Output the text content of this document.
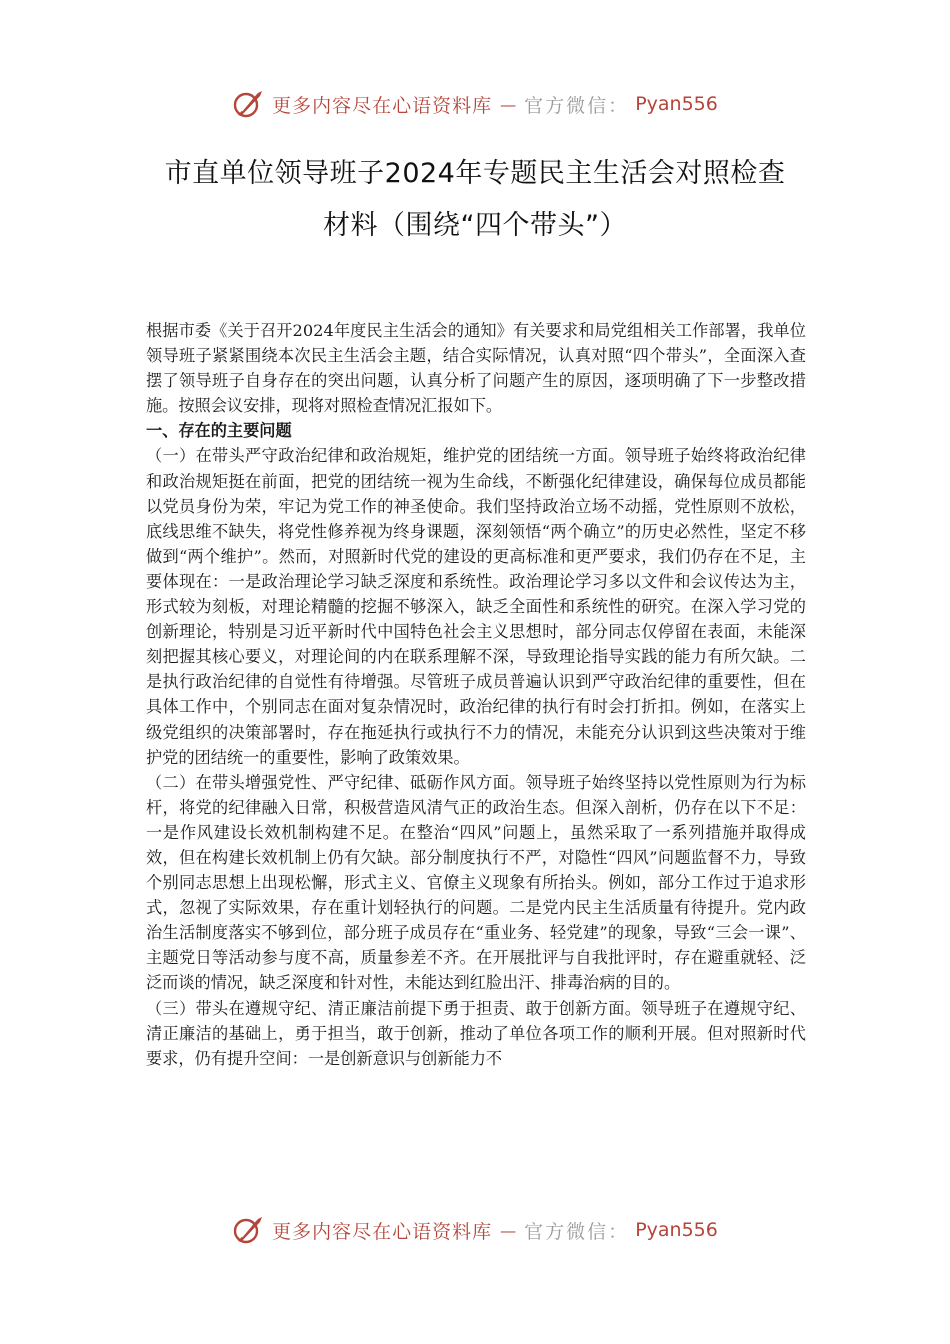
更多内容尽在心语资料库 — 官方微信： Pyan556
市直单位领导班子2024年专题民主生活会对照检查
材料（围绕“四个带头”）

根据市委《关于召开2024年度民主生活会的通知》有关要求和局党组相关工作部署，我单位领导班子紧紧围绕本次民主生活会主题，结合实际情况，认真对照“四个带头”，全面深入查摆了领导班子自身存在的突出问题，认真分析了问题产生的原因，逐项明确了下一步整改措施。按照会议安排，现将对照检查情况汇报如下。

一、存在的主要问题

（一）在带头严守政治纪律和政治规矩，维护党的团结统一方面。领导班子始终将政治纪律和政治规矩挺在前面，把党的团结统一视为生命线，不断强化纪律建设，确保每位成员都能以党员身份为荣，牢记为党工作的神圣使命。我们坚持政治立场不动摇，党性原则不放松，底线思维不缺失，将党性修养视为终身课题，深刻领悟“两个确立”的历史必然性，坚定不移做到“两个维护”。然而，对照新时代党的建设的更高标准和更严要求，我们仍存在不足，主要体现在：一是政治理论学习缺乏深度和系统性。政治理论学习多以文件和会议传达为主，形式较为刻板，对理论精髓的挖掘不够深入，缺乏全面性和系统性的研究。在深入学习党的创新理论，特别是习近平新时代中国特色社会主义思想时，部分同志仅停留在表面，未能深刻把握其核心要义，对理论间的内在联系理解不深，导致理论指导实践的能力有所欠缺。二是执行政治纪律的自觉性有待增强。尽管班子成员普遍认识到严守政治纪律的重要性，但在具体工作中，个别同志在面对复杂情况时，政治纪律的执行有时会打折扣。例如，在落实上级党组织的决策部署时，存在拖延执行或执行不力的情况，未能充分认识到这些决策对于维护党的团结统一的重要性，影响了政策效果。

（二）在带头增强党性、严守纪律、砥砺作风方面。领导班子始终坚持以党性原则为行为标杆，将党的纪律融入日常，积极营造风清气正的政治生态。但深入剖析，仍存在以下不足：一是作风建设长效机制构建不足。在整治“四风”问题上，虽然采取了一系列措施并取得成效，但在构建长效机制上仍有欠缺。部分制度执行不严，对隐性“四风”问题监督不力，导致个别同志思想上出现松懈，形式主义、官僚主义现象有所抬头。例如，部分工作过于追求形式，忽视了实际效果，存在重计划轻执行的问题。二是党内民主生活质量有待提升。党内政治生活制度落实不够到位，部分班子成员存在“重业务、轻党建”的现象，导致“三会一课”、主题党日等活动参与度不高，质量参差不齐。在开展批评与自我批评时，存在避重就轻、泛泛而谈的情况，缺乏深度和针对性，未能达到红脸出汗、排毒治病的目的。

（三）带头在遵规守纪、清正廉洁前提下勇于担责、敢于创新方面。领导班子在遵规守纪、清正廉洁的基础上，勇于担当，敢于创新，推动了单位各项工作的顺利开展。但对照新时代要求，仍有提升空间：一是创新意识与创新能力不

更多内容尽在心语资料库 — 官方微信： Pyan556
